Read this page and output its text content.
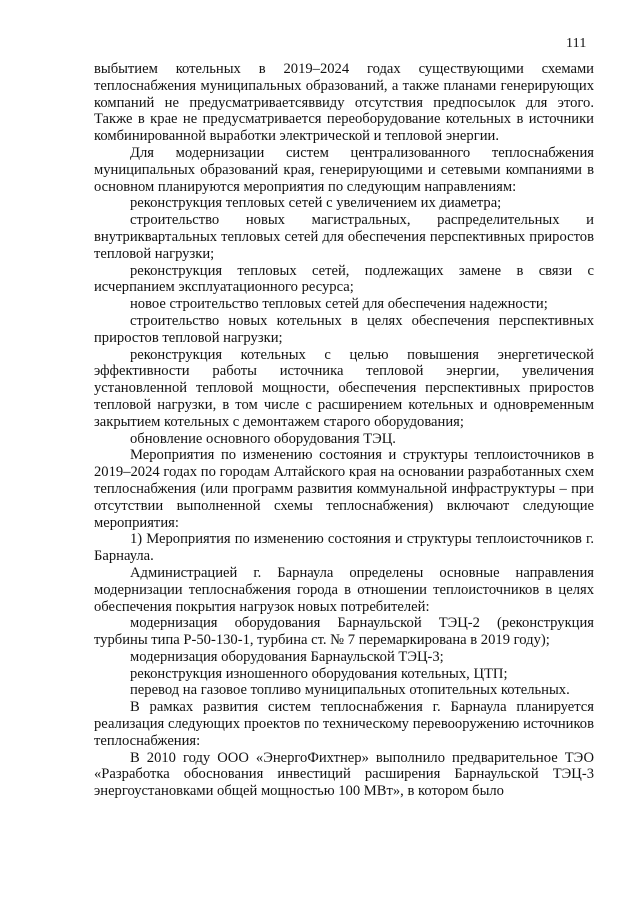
111

выбытием котельных в 2019–2024 годах существующими схемами теплоснабжения муниципальных образований, а также планами генерирующих компаний не предусматриваетсяввиду отсутствия предпосылок для этого. Также в крае не предусматривается переоборудование котельных в источники комбинированной выработки электрической и тепловой энергии.

Для модернизации систем централизованного теплоснабжения муниципальных образований края, генерирующими и сетевыми компаниями в основном планируются мероприятия по следующим направлениям:

реконструкция тепловых сетей с увеличением их диаметра;

строительство новых магистральных, распределительных и внутриквартальных тепловых сетей для обеспечения перспективных приростов тепловой нагрузки;

реконструкция тепловых сетей, подлежащих замене в связи с исчерпанием эксплуатационного ресурса;

новое строительство тепловых сетей для обеспечения надежности;

строительство новых котельных в целях обеспечения перспективных приростов тепловой нагрузки;

реконструкция котельных с целью повышения энергетической эффективности работы источника тепловой энергии, увеличения установленной тепловой мощности, обеспечения перспективных приростов тепловой нагрузки, в том числе с расширением котельных и одновременным закрытием котельных с демонтажем старого оборудования;

обновление основного оборудования ТЭЦ.

Мероприятия по изменению состояния и структуры теплоисточников в 2019–2024 годах по городам Алтайского края на основании разработанных схем теплоснабжения (или программ развития коммунальной инфраструктуры – при отсутствии выполненной схемы теплоснабжения) включают следующие мероприятия:

1) Мероприятия по изменению состояния и структуры теплоисточников г. Барнаула.

Администрацией г. Барнаула определены основные направления модернизации теплоснабжения города в отношении теплоисточников в целях обеспечения покрытия нагрузок новых потребителей:

модернизация оборудования Барнаульской ТЭЦ-2 (реконструкция турбины типа Р-50-130-1, турбина ст. № 7 перемаркирована в 2019 году);

модернизация оборудования Барнаульской ТЭЦ-3;

реконструкция изношенного оборудования котельных, ЦТП;

перевод на газовое топливо муниципальных отопительных котельных.

В рамках развития систем теплоснабжения г. Барнаула планируется реализация следующих проектов по техническому перевооружению источников теплоснабжения:

В 2010 году ООО «ЭнергоФихтнер» выполнило предварительное ТЭО «Разработка обоснования инвестиций расширения Барнаульской ТЭЦ-3 энергоустановками общей мощностью 100 МВт», в котором было
